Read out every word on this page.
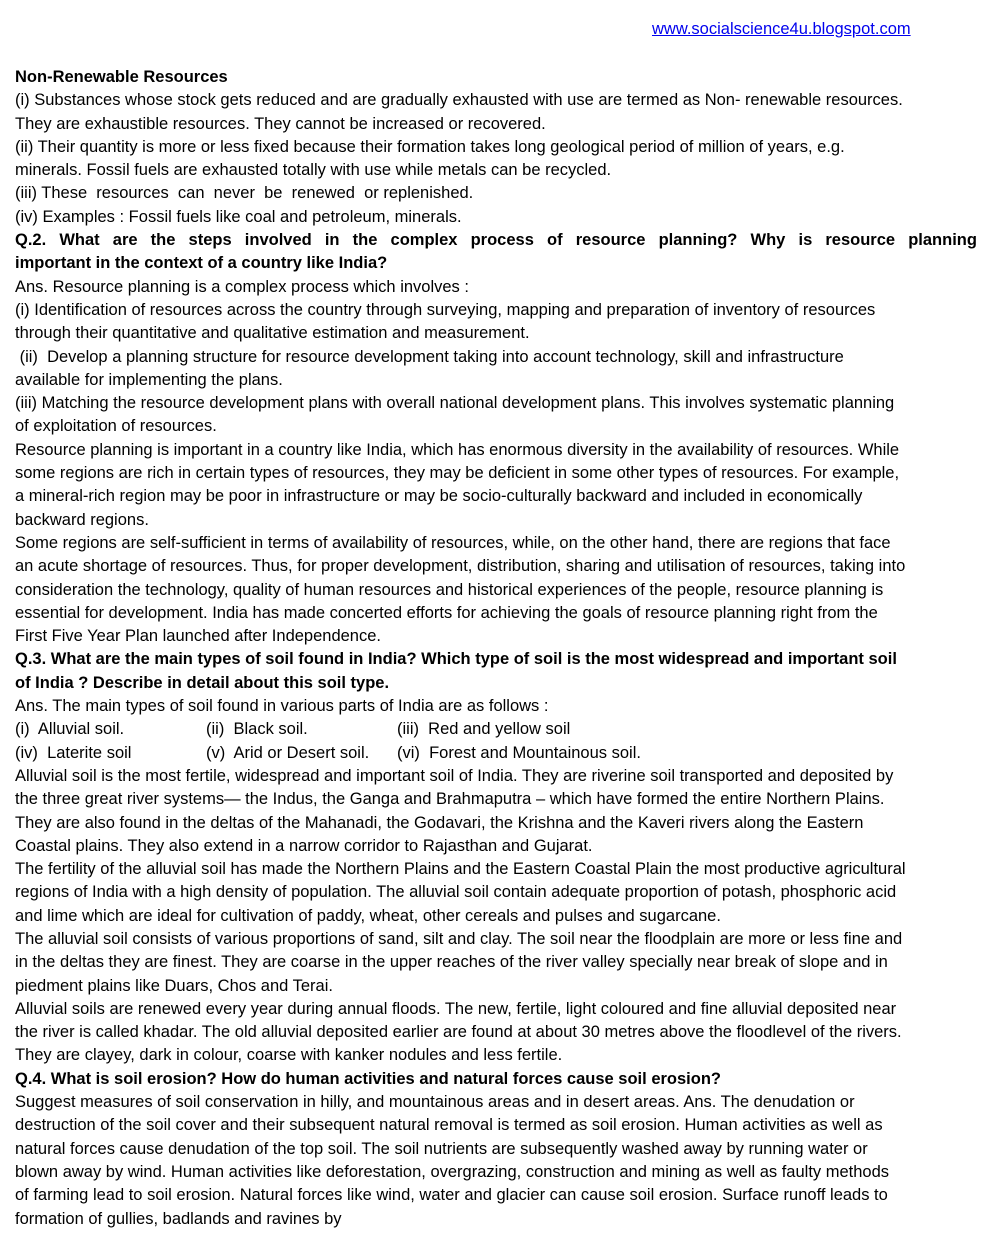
www.socialscience4u.blogspot.com
Non-Renewable Resources
(i) Substances whose stock gets reduced and are gradually exhausted with use are termed as Non- renewable resources.
They are exhaustible resources. They cannot be increased or recovered.
(ii) Their quantity is more or less fixed because their formation takes long geological period of million of years, e.g.
minerals. Fossil fuels are exhausted totally with use while metals can be recycled.
(iii) These  resources  can  never  be  renewed  or replenished.
(iv) Examples : Fossil fuels like coal and petroleum, minerals.
Q.2. What are the steps involved in the complex process of resource planning? Why is resource planning
important in the context of a country like India?
Ans. Resource planning is a complex process which involves :
(i) Identification of resources across the country through surveying, mapping and preparation of inventory of resources
through their quantitative and qualitative estimation and measurement.
(ii)  Develop a planning structure for resource development taking into account technology, skill and infrastructure
available for implementing the plans.
(iii) Matching the resource development plans with overall national development plans. This involves systematic planning
of exploitation of resources.
Resource planning is important in a country like India, which has enormous diversity in the availability of resources. While
some regions are rich in certain types of resources, they may be deficient in some other types of resources. For example,
a mineral-rich region may be poor in infrastructure or may be socio-culturally backward and included in economically
backward regions.
Some regions are self-sufficient in terms of availability of resources, while, on the other hand, there are regions that face
an acute shortage of resources. Thus, for proper development, distribution, sharing and utilisation of resources, taking into
consideration the technology, quality of human resources and historical experiences of the people, resource planning is
essential for development. India has made concerted efforts for achieving the goals of resource planning right from the
First Five Year Plan launched after Independence.
Q.3. What are the main types of soil found in India? Which type of soil is the most widespread and important soil
of India ? Describe in detail about this soil type.
Ans. The main types of soil found in various parts of India are as follows :
(i)  Alluvial soil.	(ii)  Black soil.	(iii)  Red and yellow soil
(iv)  Laterite soil	(v)  Arid or Desert soil.	(vi)  Forest and Mountainous soil.
Alluvial soil is the most fertile, widespread and important soil of India. They are riverine soil transported and deposited by
the three great river systems— the Indus, the Ganga and Brahmaputra – which have formed the entire Northern Plains.
They are also found in the deltas of the Mahanadi, the Godavari, the Krishna and the Kaveri rivers along the Eastern
Coastal plains. They also extend in a narrow corridor to Rajasthan and Gujarat.
The fertility of the alluvial soil has made the Northern Plains and the Eastern Coastal Plain the most productive agricultural
regions of India with a high density of population. The alluvial soil contain adequate proportion of potash, phosphoric acid
and lime which are ideal for cultivation of paddy, wheat, other cereals and pulses and sugarcane.
The alluvial soil consists of various proportions of sand, silt and clay. The soil near the floodplain are more or less fine and
in the deltas they are finest. They are coarse in the upper reaches of the river valley specially near break of slope and in
piedment plains like Duars, Chos and Terai.
Alluvial soils are renewed every year during annual floods. The new, fertile, light coloured and fine alluvial deposited near
the river is called khadar. The old alluvial deposited earlier are found at about 30 metres above the floodlevel of the rivers.
They are clayey, dark in colour, coarse with kanker nodules and less fertile.
Q.4. What is soil erosion? How do human activities and natural forces cause soil erosion?
Suggest measures of soil conservation in hilly, and mountainous areas and in desert areas. Ans. The denudation or
destruction of the soil cover and their subsequent natural removal is termed as soil erosion. Human activities as well as
natural forces cause denudation of the top soil. The soil nutrients are subsequently washed away by running water or
blown away by wind. Human activities like deforestation, overgrazing, construction and mining as well as faulty methods
of farming lead to soil erosion. Natural forces like wind, water and glacier can cause soil erosion. Surface runoff leads to
formation of gullies, badlands and ravines by
